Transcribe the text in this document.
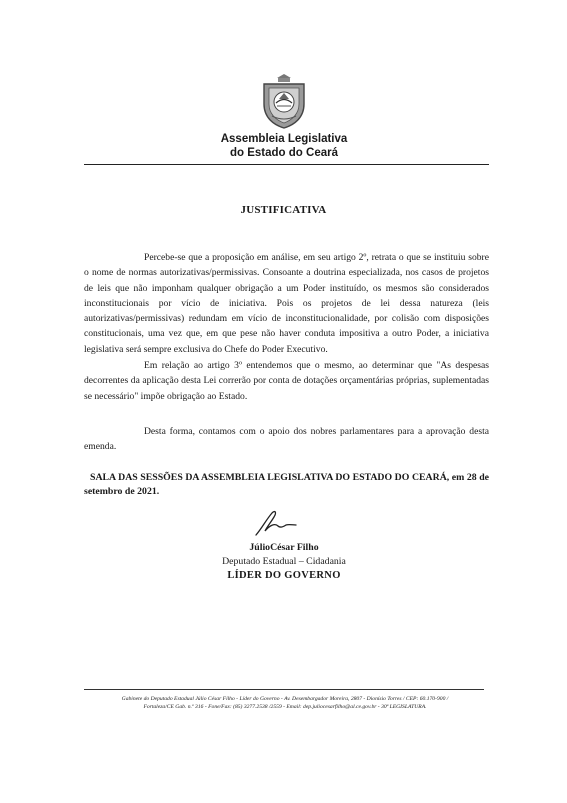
Assembleia Legislativa
do Estado do Ceará
JUSTIFICATIVA

Percebe-se que a proposição em análise, em seu artigo 2º, retrata o que se instituiu sobre o nome de normas autorizativas/permissivas. Consoante a doutrina especializada, nos casos de projetos de leis que não imponham qualquer obrigação a um Poder instituído, os mesmos são considerados inconstitucionais por vício de iniciativa. Pois os projetos de lei dessa natureza (leis autorizativas/permissivas) redundam em vício de inconstitucionalidade, por colisão com disposições constitucionais, uma vez que, em que pese não haver conduta impositiva a outro Poder, a iniciativa legislativa será sempre exclusiva do Chefe do Poder Executivo.

Em relação ao artigo 3º entendemos que o mesmo, ao determinar que "As despesas decorrentes da aplicação desta Lei correrão por conta de dotações orçamentárias próprias, suplementadas se necessário" impõe obrigação ao Estado.

Desta forma, contamos com o apoio dos nobres parlamentares para a aprovação desta emenda.

SALA DAS SESSÕES DA ASSEMBLEIA LEGISLATIVA DO ESTADO DO CEARÁ, em 28 de setembro de 2021.

JúlioCésar Filho
Deputado Estadual – Cidadania
LÍDER DO GOVERNO
Gabinete do Deputado Estadual Júlio César Filho - Líder do Governo - Av. Desembargador Moreira, 2807 - Dionísio Torres / CEP: 60.170-900 /
Fortaleza/CE Gab. n.º 316 - Fone/Fax: (85) 3277.2538 /2559 - Email: dep.juliocesarfilho@al.ce.gov.br - 30ª LEGISLATURA.
